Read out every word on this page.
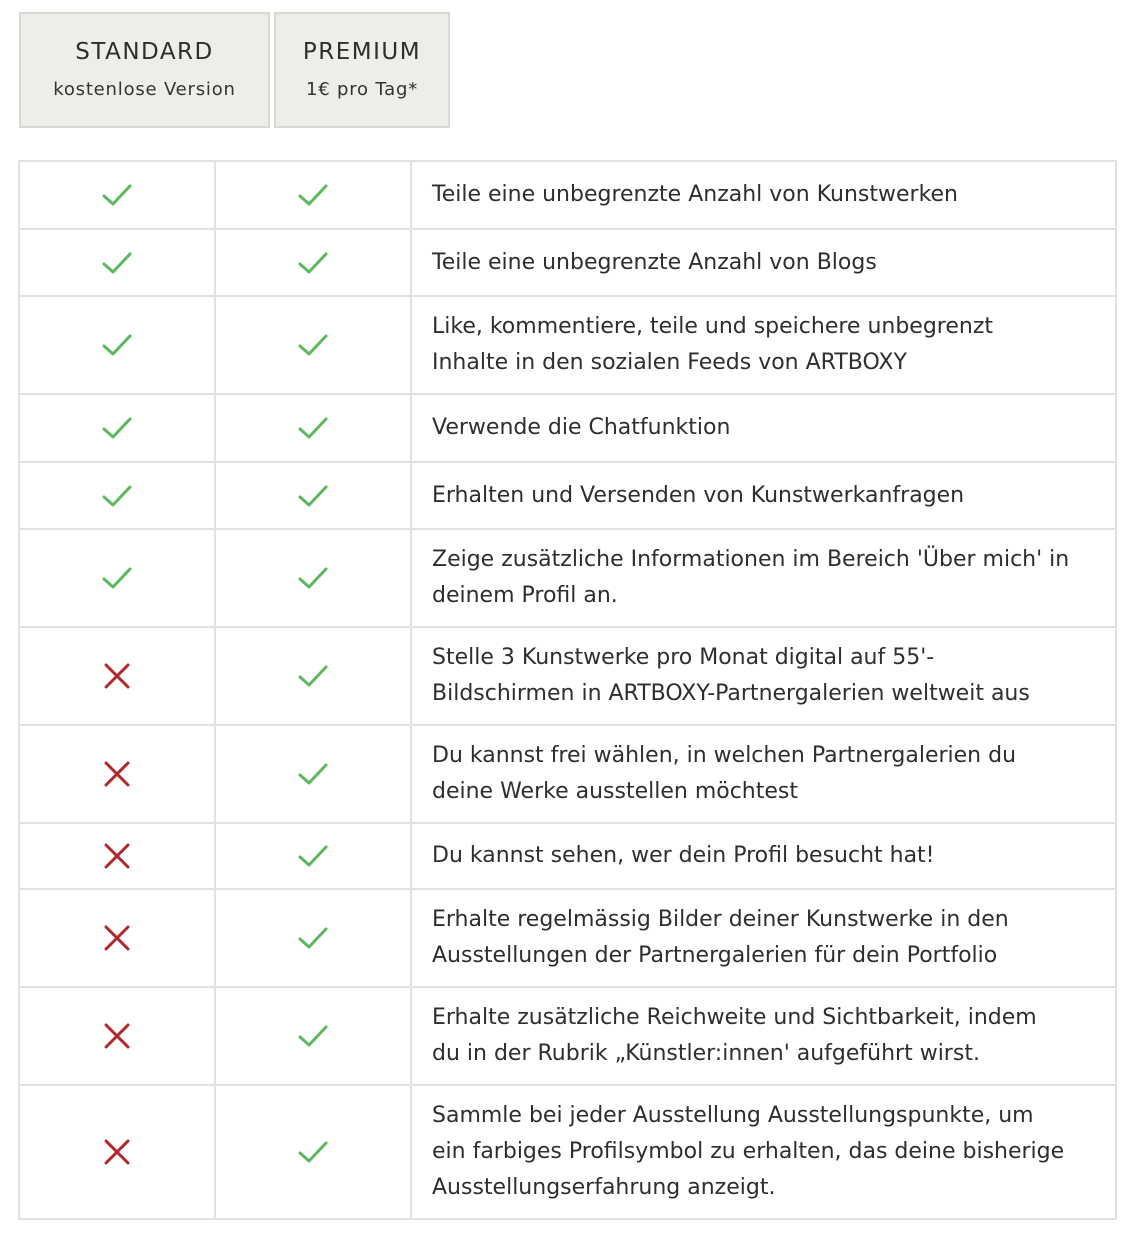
STANDARD
kostenlose Version
PREMIUM
1€ pro Tag*
		Teile eine unbegrenzte Anzahl von Kunstwerken
		Teile eine unbegrenzte Anzahl von Blogs
		Like, kommentiere, teile und speichere unbegrenzt
Inhalte in den sozialen Feeds von ARTBOXY
		Verwende die Chatfunktion
		Erhalten und Versenden von Kunstwerkanfragen
		Zeige zusätzliche Informationen im Bereich 'Über mich' in
deinem Profil an.
		Stelle 3 Kunstwerke pro Monat digital auf 55'-
Bildschirmen in ARTBOXY-Partnergalerien weltweit aus
		Du kannst frei wählen, in welchen Partnergalerien du
deine Werke ausstellen möchtest
		Du kannst sehen, wer dein Profil besucht hat!
		Erhalte regelmässig Bilder deiner Kunstwerke in den
Ausstellungen der Partnergalerien für dein Portfolio
		Erhalte zusätzliche Reichweite und Sichtbarkeit, indem
du in der Rubrik „Künstler:innen' aufgeführt wirst.
		Sammle bei jeder Ausstellung Ausstellungspunkte, um
ein farbiges Profilsymbol zu erhalten, das deine bisherige
Ausstellungserfahrung anzeigt.
